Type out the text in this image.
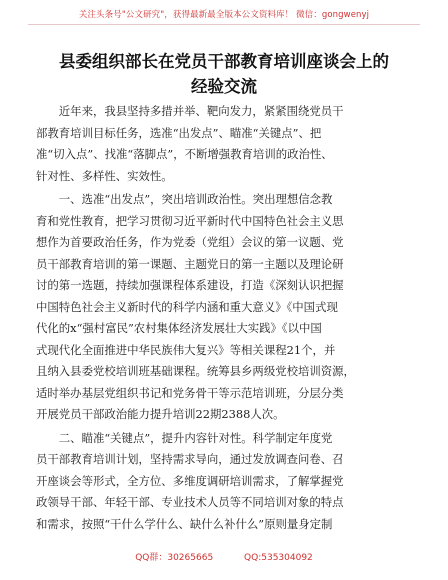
关注头条号"公文研究"，获得最新最全版本公文资料库！ 微信：gongwenyj
县委组织部长在党员干部教育培训座谈会上的
经验交流

　　近年来，我县坚持多措并举、靶向发力，紧紧围绕党员干
部教育培训目标任务，选准“出发点”、瞄准“关键点”、把
准“切入点”、找准“落脚点”，不断增强教育培训的政治性、
针对性、多样性、实效性。

　　一、选准“出发点”，突出培训政治性。突出理想信念教
育和党性教育，把学习贯彻习近平新时代中国特色社会主义思
想作为首要政治任务，作为党委（党组）会议的第一议题、党
员干部教育培训的第一课题、主题党日的第一主题以及理论研
讨的第一选题，持续加强课程体系建设，打造《深刻认识把握
中国特色社会主义新时代的科学内涵和重大意义》《中国式现
代化的x“强村富民”农村集体经济发展壮大实践》《以中国
式现代化全面推进中华民族伟大复兴》等相关课程21个，并
且纳入县委党校培训班基础课程。统筹县乡两级党校培训资源，
适时举办基层党组织书记和党务骨干等示范培训班，分层分类
开展党员干部政治能力提升培训22期2388人次。

　　二、瞄准“关键点”，提升内容针对性。科学制定年度党
员干部教育培训计划，坚持需求导向，通过发放调查问卷、召
开座谈会等形式，全方位、多维度调研培训需求，了解掌握党
政领导干部、年轻干部、专业技术人员等不同培训对象的特点
和需求，按照“干什么学什么、缺什么补什么”原则量身定制

QQ群：30265665	QQ:535304092
